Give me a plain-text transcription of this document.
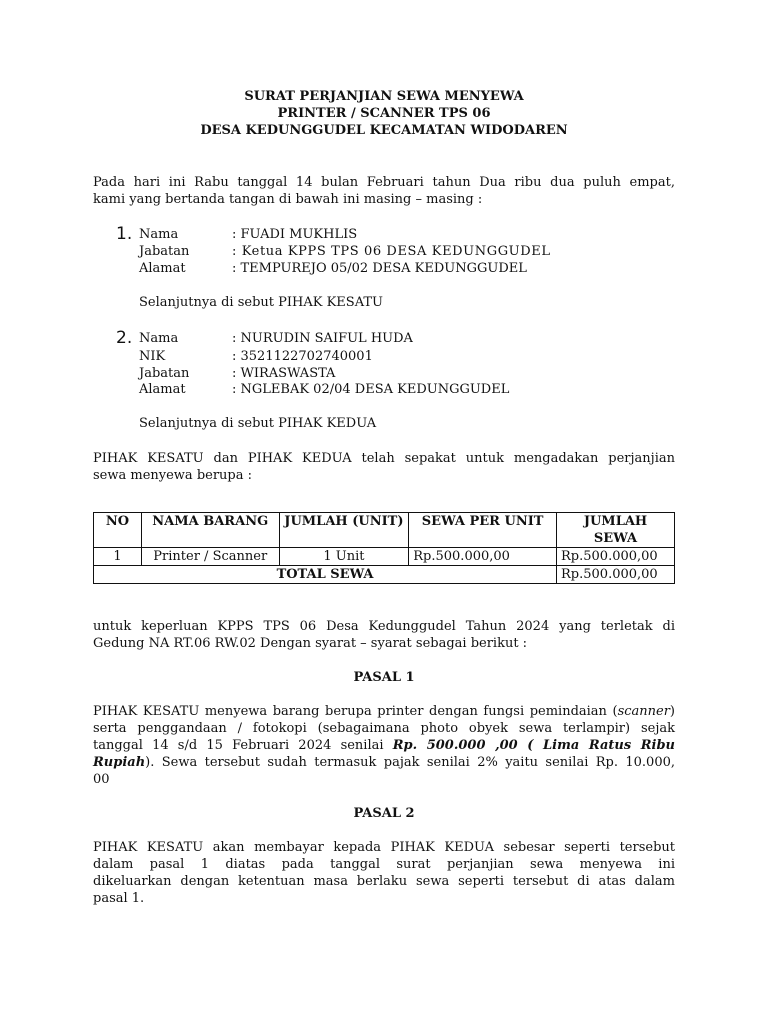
SURAT PERJANJIAN SEWA MENYEWA
PRINTER / SCANNER TPS 06
DESA KEDUNGGUDEL KECAMATAN WIDODAREN
Pada hari ini Rabu tanggal 14 bulan Februari tahun Dua ribu dua puluh empat,
kami yang bertanda tangan di bawah ini masing – masing :
1. Nama	: FUADI MUKHLIS
Jabatan	: Ketua KPPS TPS 06 DESA KEDUNGGUDEL
Alamat	: TEMPUREJO 05/02 DESA KEDUNGGUDEL
Selanjutnya di sebut PIHAK KESATU
2. Nama	: NURUDIN SAIFUL HUDA
NIK	: 3521122702740001
Jabatan	: WIRASWASTA
Alamat	: NGLEBAK 02/04 DESA KEDUNGGUDEL
Selanjutnya di sebut PIHAK KEDUA
PIHAK KESATU dan PIHAK KEDUA telah sepakat untuk mengadakan perjanjian
sewa menyewa berupa :
NO	NAMA BARANG	JUMLAH (UNIT)	SEWA PER UNIT	JUMLAH
SEWA
1	Printer / Scanner	1 Unit	Rp.500.000,00	Rp.500.000,00
TOTAL SEWA				Rp.500.000,00
untuk keperluan KPPS TPS 06 Desa Kedunggudel Tahun 2024 yang terletak di
Gedung NA RT.06 RW.02 Dengan syarat – syarat sebagai berikut :
PASAL 1
PIHAK KESATU menyewa barang berupa printer dengan fungsi pemindaian (scanner)
serta penggandaan / fotokopi (sebagaimana photo obyek sewa terlampir) sejak
tanggal 14 s/d 15 Februari 2024 senilai Rp. 500.000 ,00 ( Lima Ratus Ribu
Rupiah). Sewa tersebut sudah termasuk pajak senilai 2% yaitu senilai Rp. 10.000,
00
PASAL 2
PIHAK KESATU akan membayar kepada PIHAK KEDUA sebesar seperti tersebut
dalam pasal 1 diatas pada tanggal surat perjanjian sewa menyewa ini
dikeluarkan dengan ketentuan masa berlaku sewa seperti tersebut di atas dalam
pasal 1.
